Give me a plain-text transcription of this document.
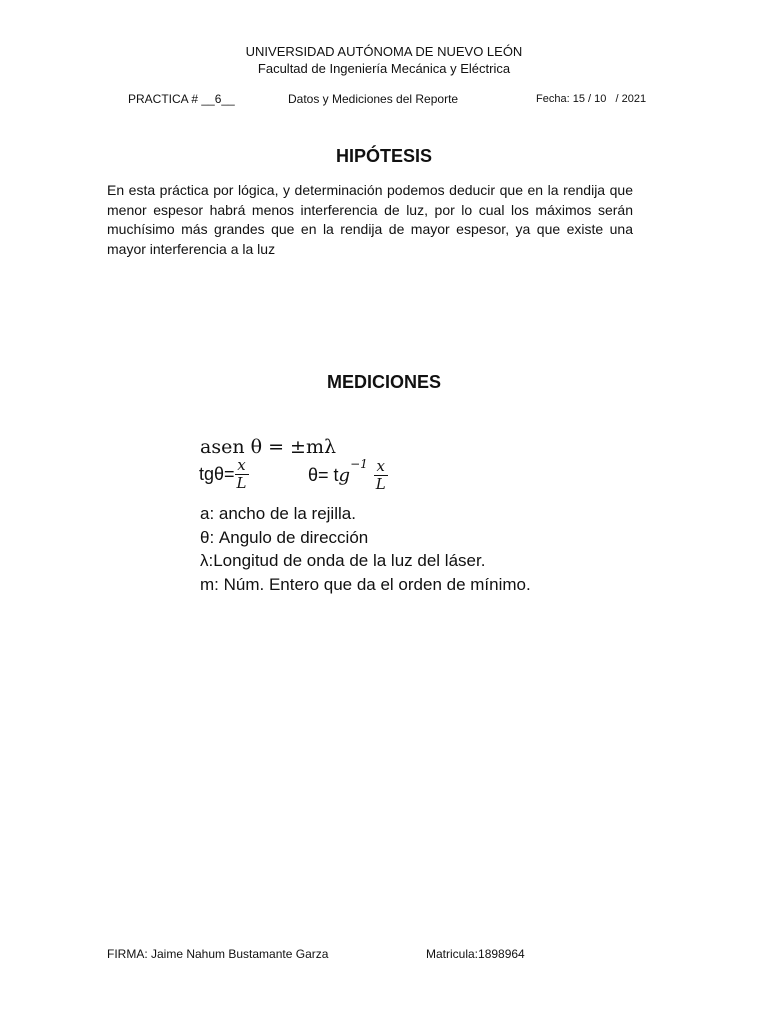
UNIVERSIDAD AUTÓNOMA DE NUEVO LEÓN
Facultad de Ingeniería Mecánica y Eléctrica
PRACTICA # __6__	Datos y Mediciones del Reporte	Fecha: 15 / 10   / 2021
HIPÓTESIS
En esta práctica por lógica, y determinación podemos deducir que en la rendija que menor espesor habrá menos interferencia de luz, por lo cual los máximos serán muchísimo más grandes que en la rendija de mayor espesor, ya que existe una mayor interferencia a la luz
MEDICIONES
asen θ = ±mλ
$tg\theta= \frac{x}{L}$	$\theta= tg^{-1} \frac{x}{L}$
a: ancho de la rejilla.
θ: Angulo de dirección
λ:Longitud de onda de la luz del láser.
m: Núm. Entero que da el orden de mínimo.
FIRMA: Jaime Nahum Bustamante Garza	Matricula:1898964
